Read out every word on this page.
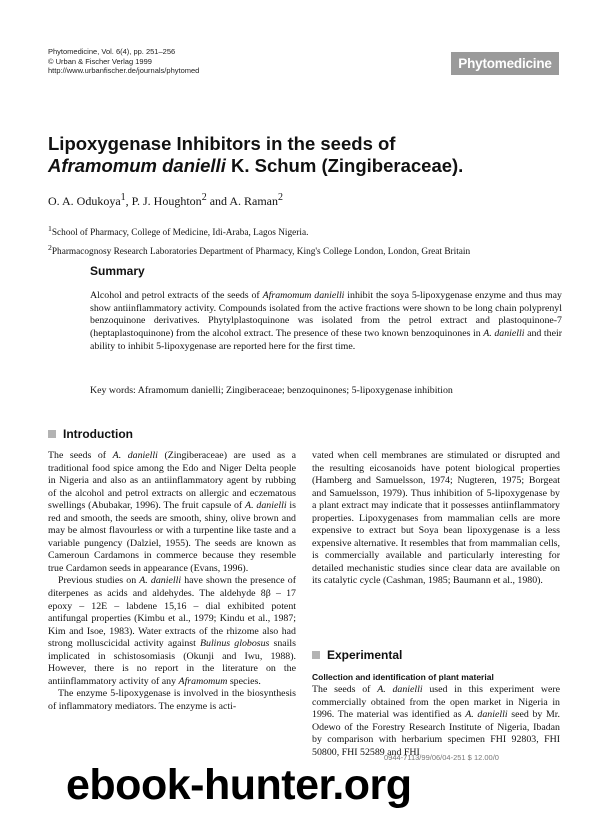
Phytomedicine, Vol. 6(4), pp. 251–256
© Urban & Fischer Verlag 1999
http://www.urbanfischer.de/journals/phytomed	Phytomedicine
Lipoxygenase Inhibitors in the seeds of
Aframomum danielli K. Schum (Zingiberaceae).
O. A. Odukoya$^1$, P. J. Houghton$^2$ and A. Raman$^2$
$^1$School of Pharmacy, College of Medicine, Idi-Araba, Lagos Nigeria.
$^2$Pharmacognosy Research Laboratories Department of Pharmacy, King's College London, London, Great Britain
Summary
Alcohol and petrol extracts of the seeds of Aframomum danielli inhibit the soya 5-lipoxygenase enzyme and thus may show antiinflammatory activity. Compounds isolated from the active fractions were shown to be long chain polyprenyl benzoquinone derivatives. Phytylplastoquinone was isolated from the petrol extract and plastoquinone-7 (heptaplastoquinone) from the alcohol extract. The presence of these two known benzoquinones in A. danielli and their ability to inhibit 5-lipoxygenase are reported here for the first time.
Key words: Aframomum danielli; Zingiberaceae; benzoquinones; 5-lipoxygenase inhibition
Introduction

The seeds of A. danielli (Zingiberaceae) are used as a traditional food spice among the Edo and Niger Delta people in Nigeria and also as an antiinflammatory agent by rubbing of the alcohol and petrol extracts on allergic and eczematous swellings (Abubakar, 1996). The fruit capsule of A. danielli is red and smooth, the seeds are smooth, shiny, olive brown and may be almost flavourless or with a turpentine like taste and a variable pungency (Dalziel, 1955). The seeds are known as Cameroun Cardamons in commerce because they resemble true Cardamon seeds in appearance (Evans, 1996).

Previous studies on A. danielli have shown the presence of diterpenes as acids and aldehydes. The aldehyde 8β – 17 epoxy – 12E – labdene 15,16 – dial exhibited potent antifungal properties (Kimbu et al., 1979; Kindu et al., 1987; Kim and Isoe, 1983). Water extracts of the rhizome also had strong molluscicidal activity against Bulinus globosus snails implicated in schistosomiasis (Okunji and Iwu, 1988). However, there is no report in the literature on the antiinflammatory activity of any Aframomum species.

The enzyme 5-lipoxygenase is involved in the biosynthesis of inflammatory mediators. The enzyme is acti-

vated when cell membranes are stimulated or disrupted and the resulting eicosanoids have potent biological properties (Hamberg and Samuelsson, 1974; Nugteren, 1975; Borgeat and Samuelsson, 1979). Thus inhibition of 5-lipoxygenase by a plant extract may indicate that it possesses antiinflammatory properties. Lipoxygenases from mammalian cells are more expensive to extract but Soya bean lipoxygenase is a less expensive alternative. It resembles that from mammalian cells, is commercially available and particularly interesting for detailed mechanistic studies since clear data are available on its catalytic cycle (Cashman, 1985; Baumann et al., 1980).

Experimental
Collection and identification of plant material

The seeds of A. danielli used in this experiment were commercially obtained from the open market in Nigeria in 1996. The material was identified as A. danielli seed by Mr. Odewo of the Forestry Research Institute of Nigeria, Ibadan by comparison with herbarium specimen FHI 92803, FHI 50800, FHI 52589 and FHI

0944-7113/99/06/04-251 $ 12.00/0
ebook-hunter.org
